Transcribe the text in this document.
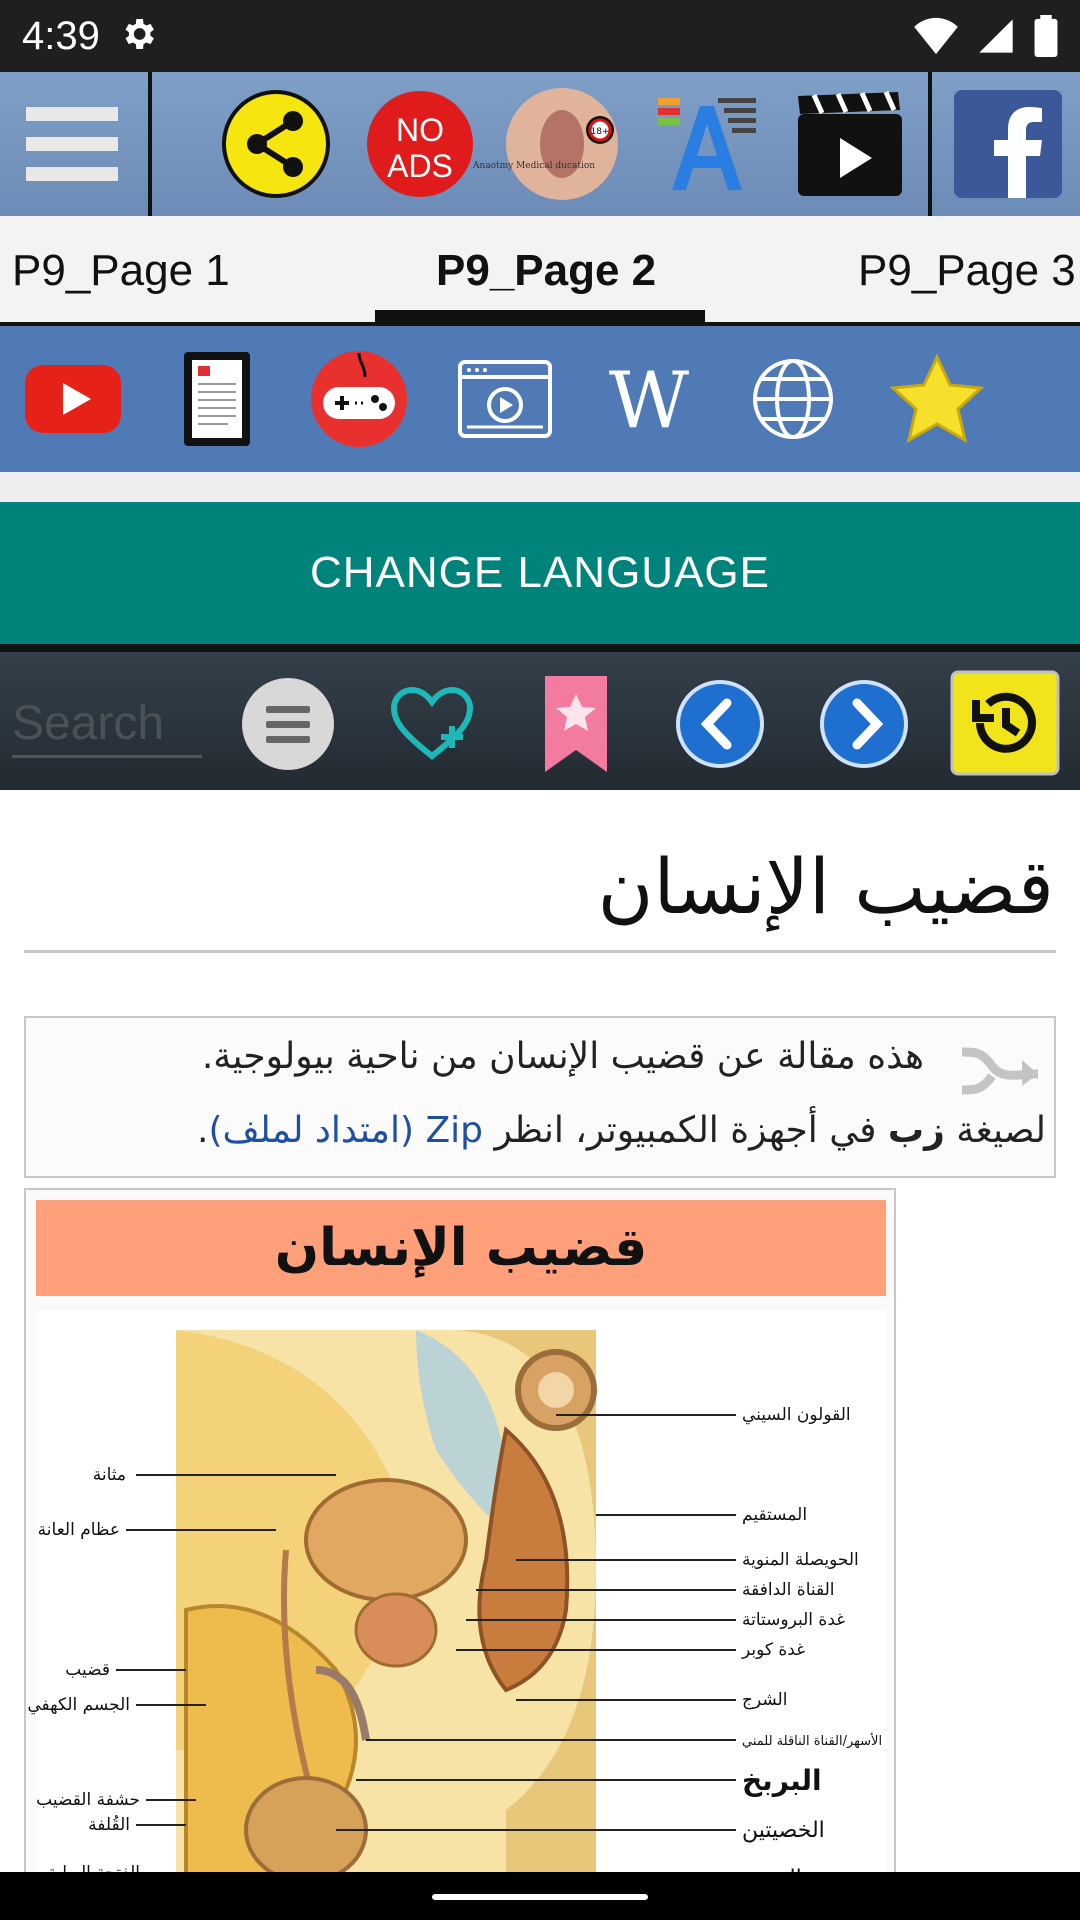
4:39
NO
ADS
18+
Anaotmy Medical ducation
P9_Page 1	P9_Page 2	P9_Page 3
W
CHANGE LANGUAGE
Search
قضيب الإنسان
هذه مقالة عن قضيب الإنسان من ناحية بيولوجية.
لصيغة زب في أجهزة الكمبيوتر، انظر Zip (امتداد لملف).
قضيب الإنسان
القولون السيني
المستقيم
الحويصلة المنوية
القناة الدافقة
غدة البروستاتة
غدة كوبر
الشرج
الأسهر/القناة الناقلة للمني
البربخ
الخصيتين
مثانة
عظام العانة
قضيب
الجسم الكهفي
حشفة القضيب
القُلفة
